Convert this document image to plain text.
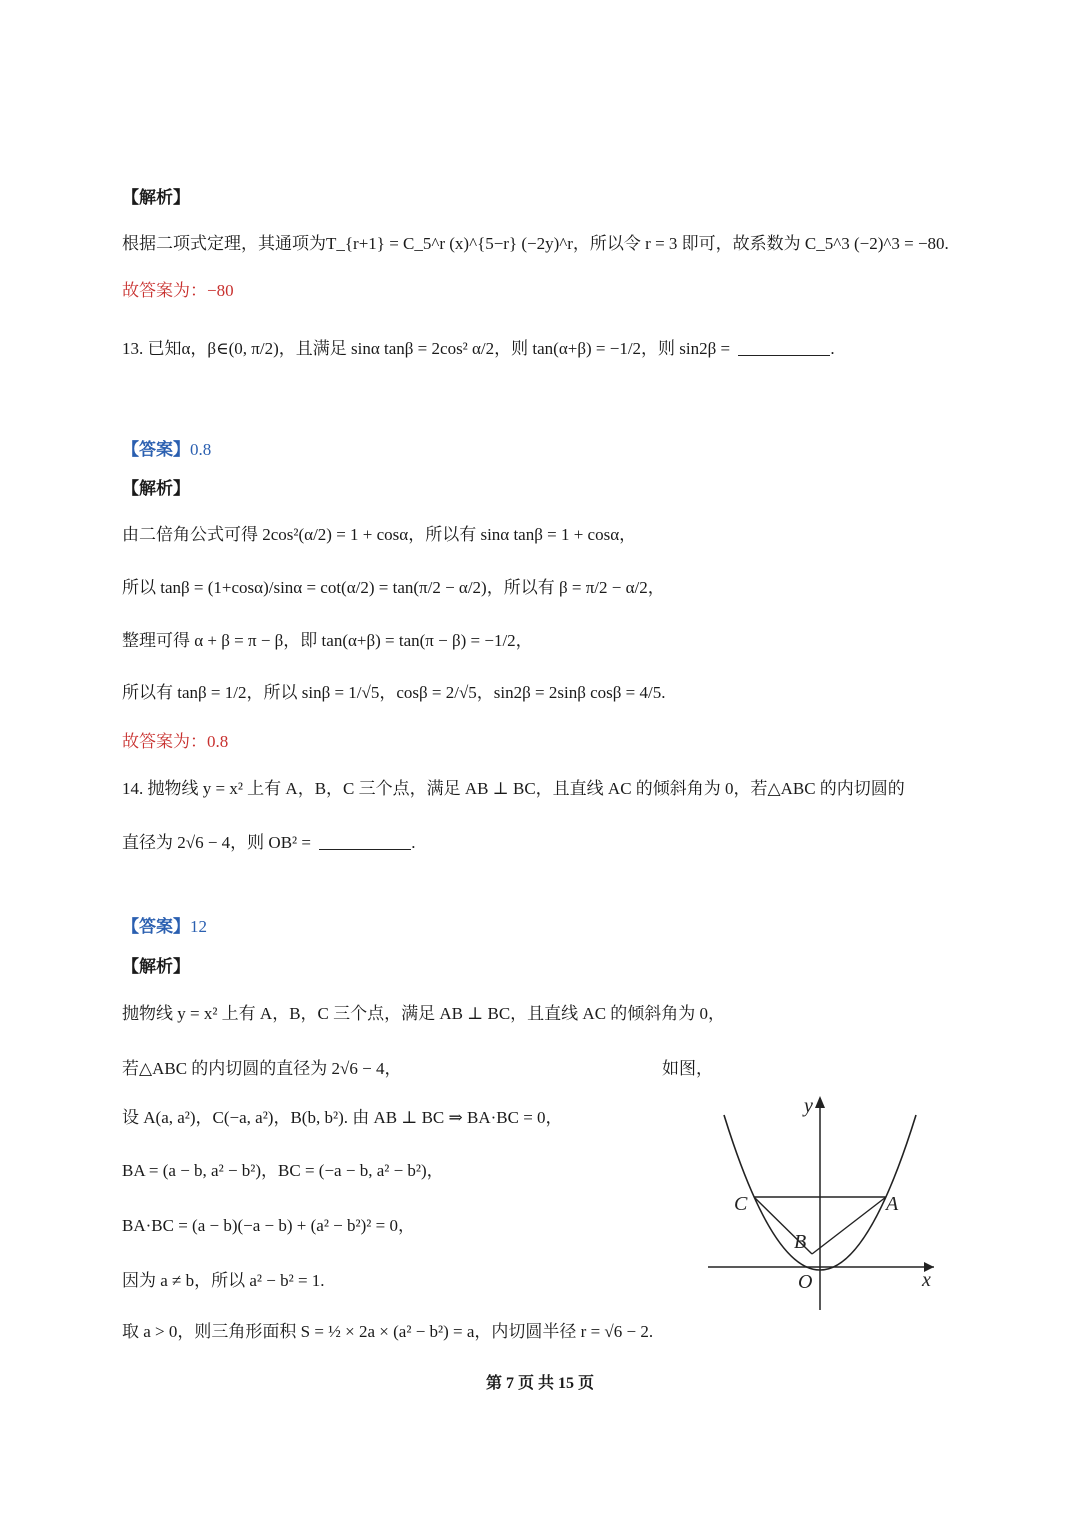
【解析】
根据二项式定理，其通项为T_{r+1} = C_5^r (x)^{5−r} (−2y)^r，所以令 r = 3 即可，故系数为 C_5^3 (−2)^3 = −80.
故答案为：−80
13. 已知α，β∈(0, π/2)，且满足 sinα tanβ = 2cos² α/2，则 tan(α+β) = −1/2，则 sin2β =	.
【答案】0.8
【解析】
由二倍角公式可得 2cos²(α/2) = 1 + cosα，所以有 sinα tanβ = 1 + cosα，
所以 tanβ = (1+cosα)/sinα = cot(α/2) = tan(π/2 − α/2)，所以有 β = π/2 − α/2，
整理可得 α + β = π − β，即 tan(α+β) = tan(π − β) = −1/2，
所以有 tanβ = 1/2，所以 sinβ = 1/√5，cosβ = 2/√5，sin2β = 2sinβ cosβ = 4/5.
故答案为：0.8
14. 抛物线 y = x² 上有 A，B，C 三个点，满足 AB ⊥ BC，且直线 AC 的倾斜角为 0，若△ABC 的内切圆的
直径为 2√6 − 4，则 OB² =	.
【答案】12
【解析】
抛物线 y = x² 上有 A，B，C 三个点，满足 AB ⊥ BC，且直线 AC 的倾斜角为 0，
若△ABC 的内切圆的直径为 2√6 − 4，	如图，
设 A(a, a²)，C(−a, a²)，B(b, b²). 由 AB ⊥ BC ⇒ BA·BC = 0，
BA = (a − b, a² − b²)，BC = (−a − b, a² − b²)，
BA·BC = (a − b)(−a − b) + (a² − b²)² = 0，
因为 a ≠ b，所以 a² − b² = 1.
取 a > 0，则三角形面积 S = ½ × 2a × (a² − b²) = a，内切圆半径 r = √6 − 2.
y
x
O
A
B
C
第 7 页 共 15 页
